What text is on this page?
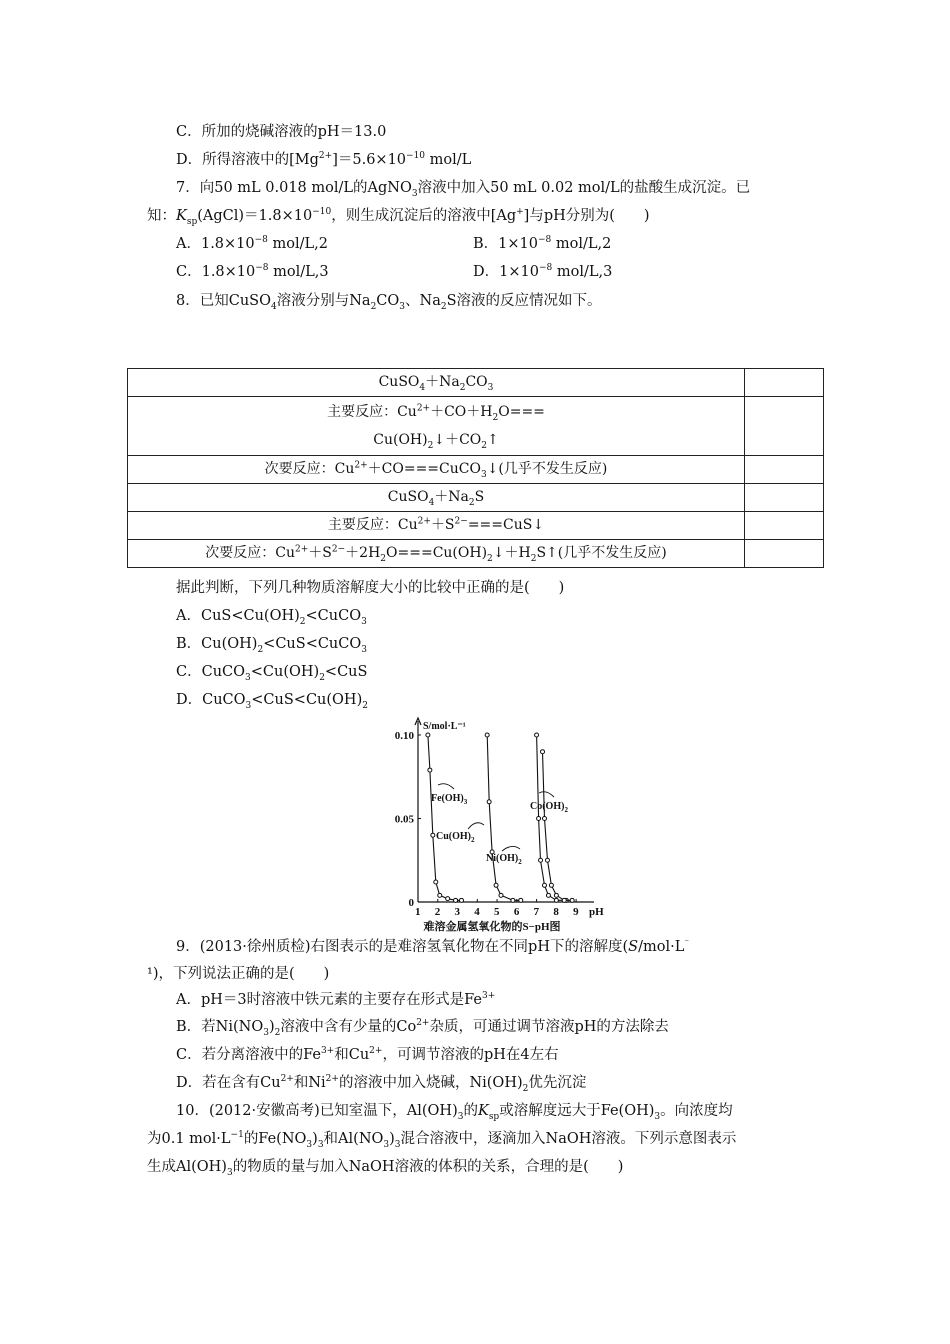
C．所加的烧碱溶液的pH＝13.0
D．所得溶液中的$[Mg^{2+}]=5.6\times 10^{-10}$ mol/L
7．向50 mL 0.018 mol/L的AgNO$_3$溶液中加入50 mL 0.02 mol/L的盐酸生成沉淀。已
知：$K_{sp}(AgCl)=1.8\times 10^{-10}$，则生成沉淀后的溶液中[Ag+]与pH分别为(　　)
A．$1.8\times 10^{-8}$ mol/L,2	B．$1\times 10^{-8}$ mol/L,2
C．$1.8\times 10^{-8}$ mol/L,3	D．$1\times 10^{-8}$ mol/L,3
8．已知CuSO$_4$溶液分别与$Na_2CO_3$、$Na_2S$溶液的反应情况如下。
$CuSO_4+Na_2CO_3$	

主要反应：$Cu^{2+}+CO+H_2O===$
$Cu(OH)_2↓+CO_2↑$	

次要反应：$Cu^{2+}+CO===CuCO_3↓$(几乎不发生反应)	
$CuSO_4+Na_2S$	
主要反应：$Cu^{2+}+S^{2-}===CuS↓$	
次要反应：$Cu^{2+}+S^{2-}+2H_2O===Cu(OH)_2↓+H_2S↑$(几乎不发生反应)	
据此判断，下列几种物质溶解度大小的比较中正确的是(　　)
A．$CuS<Cu(OH)_2<CuCO_3$
B．$Cu(OH)_2<CuS<CuCO_3$
C．$CuCO_3<Cu(OH)_2<CuS$
D．$CuCO_3<CuS<Cu(OH)_2$
S/mol·L⁻¹
pH
1 2 3 4 5 6 7 8 9
0
0.05
0.10
$Fe(OH)_3$
$Cu(OH)_2$
$Ni(OH)_2$
$Co(OH)_2$
难溶金属氢氧化物的S−pH图
9．(2013·徐州质检)右图表示的是难溶氢氧化物在不同pH下的溶解度(S/mol·L⁻
¹)，下列说法正确的是(　　)
A．pH＝3时溶液中铁元素的主要存在形式是$Fe^{3+}$
B．若$Ni(NO_3)_2$溶液中含有少量的$Co^{2+}$杂质，可通过调节溶液pH的方法除去
C．若分离溶液中的$Fe^{3+}$和$Cu^{2+}$，可调节溶液的pH在4左右
D．若在含有$Cu^{2+}$和$Ni^{2+}$的溶液中加入烧碱，$Ni(OH)_2$优先沉淀
10．(2012·安徽高考)已知室温下，$Al(OH)_3$的$K_{sp}$或溶解度远大于$Fe(OH)_3$。向浓度均
为0.1 $mol\cdot L^{-1}$的$Fe(NO_3)_3$和$Al(NO_3)_3$混合溶液中，逐滴加入NaOH溶液。下列示意图表示
生成$Al(OH)_3$的物质的量与加入NaOH溶液的体积的关系，合理的是(　　)
